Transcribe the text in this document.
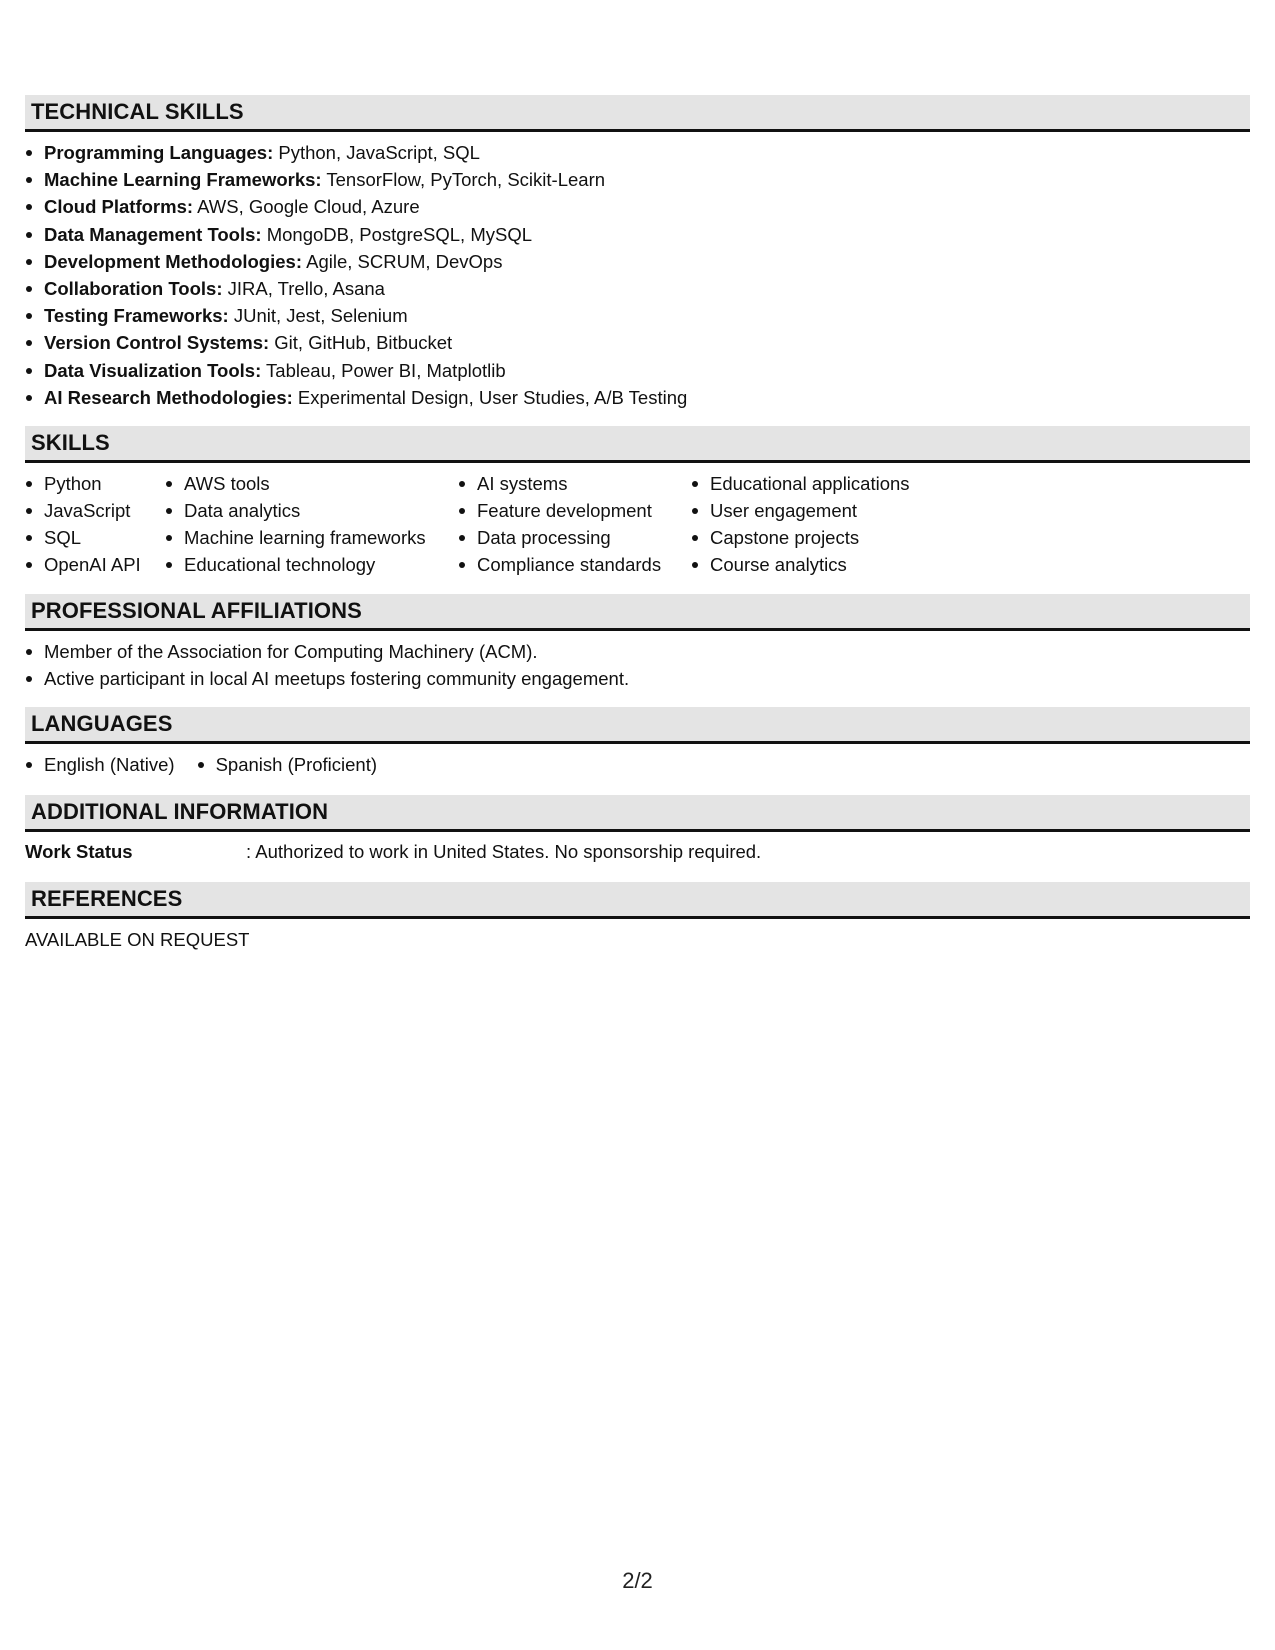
TECHNICAL SKILLS
Programming Languages: Python, JavaScript, SQL
Machine Learning Frameworks: TensorFlow, PyTorch, Scikit-Learn
Cloud Platforms: AWS, Google Cloud, Azure
Data Management Tools: MongoDB, PostgreSQL, MySQL
Development Methodologies: Agile, SCRUM, DevOps
Collaboration Tools: JIRA, Trello, Asana
Testing Frameworks: JUnit, Jest, Selenium
Version Control Systems: Git, GitHub, Bitbucket
Data Visualization Tools: Tableau, Power BI, Matplotlib
AI Research Methodologies: Experimental Design, User Studies, A/B Testing
SKILLS
Python
JavaScript
SQL
OpenAI API
AWS tools
Data analytics
Machine learning frameworks
Educational technology
AI systems
Feature development
Data processing
Compliance standards
Educational applications
User engagement
Capstone projects
Course analytics
PROFESSIONAL AFFILIATIONS
Member of the Association for Computing Machinery (ACM).
Active participant in local AI meetups fostering community engagement.
LANGUAGES
English (Native)	Spanish (Proficient)
ADDITIONAL INFORMATION
Work Status	: Authorized to work in United States. No sponsorship required.
REFERENCES
AVAILABLE ON REQUEST
2/2
